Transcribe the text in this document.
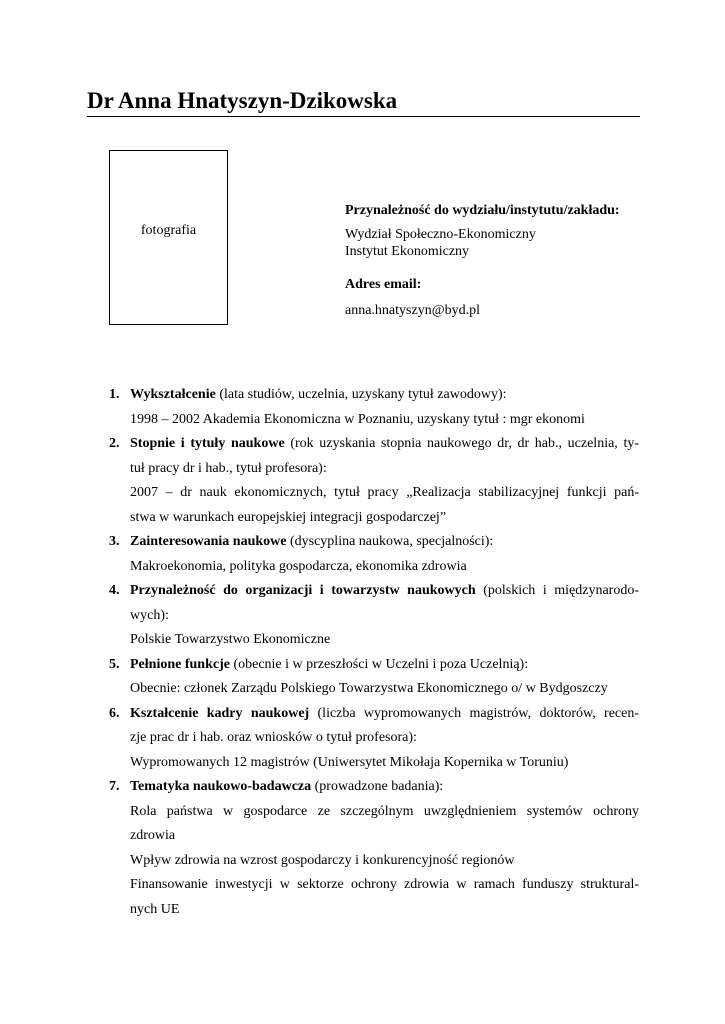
Dr Anna Hnatyszyn-Dzikowska
fotografia
Przynależność do wydziału/instytutu/zakładu:
Wydział Społeczno-Ekonomiczny
Instytut Ekonomiczny
Adres email:
anna.hnatyszyn@byd.pl
1. Wykształcenie (lata studiów, uczelnia, uzyskany tytuł zawodowy):
1998 – 2002 Akademia Ekonomiczna w Poznaniu, uzyskany tytuł : mgr ekonomi
2. Stopnie i tytuły naukowe (rok uzyskania stopnia naukowego dr, dr hab., uczelnia, ty-
tuł pracy dr i hab., tytuł profesora):
2007 – dr nauk ekonomicznych, tytuł pracy „Realizacja stabilizacyjnej funkcji pań-
stwa w warunkach europejskiej integracji gospodarczej”
3. Zainteresowania naukowe (dyscyplina naukowa, specjalności):
Makroekonomia, polityka gospodarcza, ekonomika zdrowia
4. Przynależność do organizacji i towarzystw naukowych (polskich i międzynarodo-
wych):
Polskie Towarzystwo Ekonomiczne
5. Pełnione funkcje (obecnie i w przeszłości w Uczelni i poza Uczelnią):
Obecnie: członek Zarządu Polskiego Towarzystwa Ekonomicznego o/ w Bydgoszczy
6. Kształcenie kadry naukowej (liczba wypromowanych magistrów, doktorów, recen-
zje prac dr i hab. oraz wniosków o tytuł profesora):
Wypromowanych 12 magistrów (Uniwersytet Mikołaja Kopernika w Toruniu)
7. Tematyka naukowo-badawcza (prowadzone badania):
Rola państwa w gospodarce ze szczególnym uwzględnieniem systemów ochrony
zdrowia
Wpływ zdrowia na wzrost gospodarczy i konkurencyjność regionów
Finansowanie inwestycji w sektorze ochrony zdrowia w ramach funduszy struktural-
nych UE
